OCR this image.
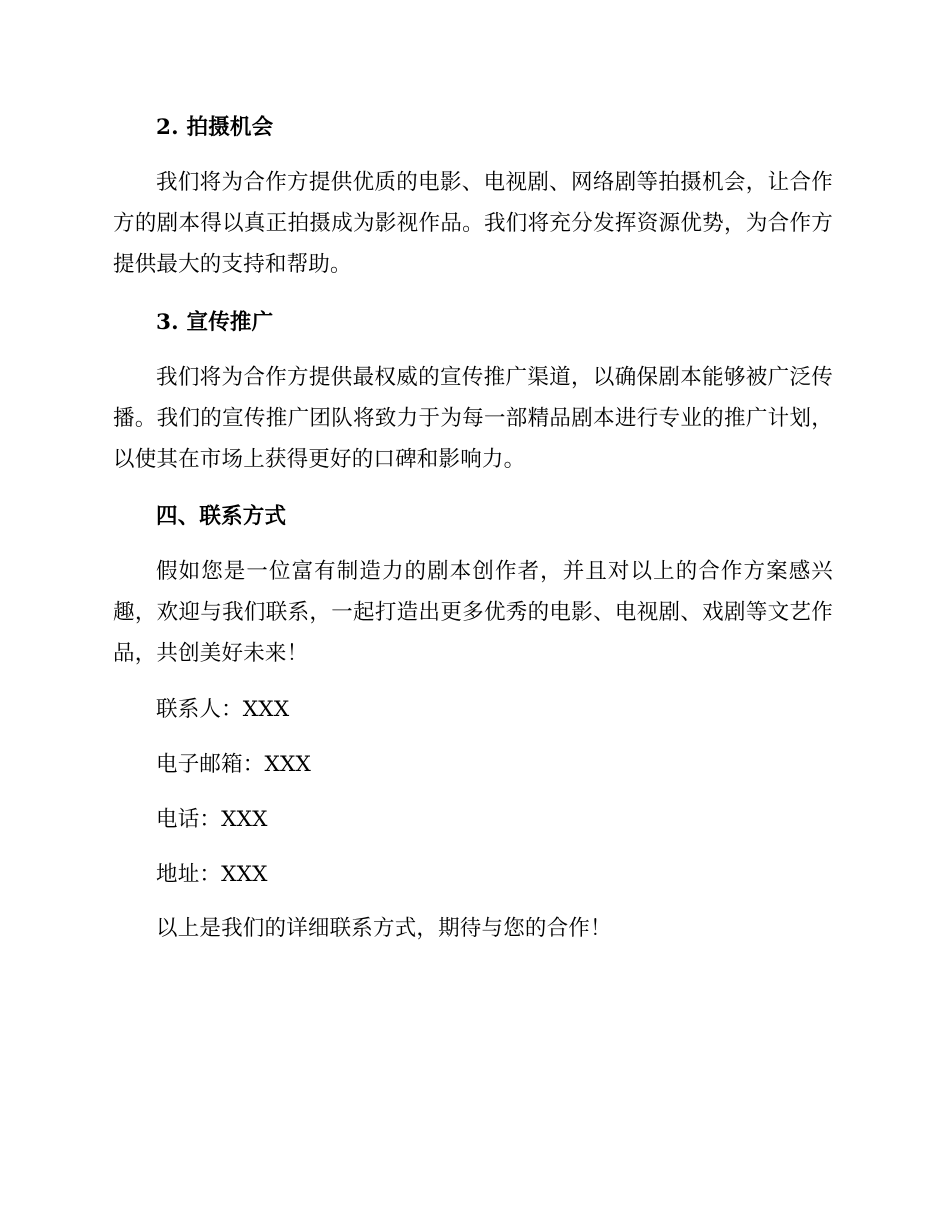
2. 拍摄机会
我们将为合作方提供优质的电影、电视剧、网络剧等拍摄机会，让合作方的剧本得以真正拍摄成为影视作品。我们将充分发挥资源优势，为合作方提供最大的支持和帮助。
3. 宣传推广
我们将为合作方提供最权威的宣传推广渠道，以确保剧本能够被广泛传播。我们的宣传推广团队将致力于为每一部精品剧本进行专业的推广计划，以使其在市场上获得更好的口碑和影响力。
四、联系方式
假如您是一位富有制造力的剧本创作者，并且对以上的合作方案感兴趣，欢迎与我们联系，一起打造出更多优秀的电影、电视剧、戏剧等文艺作品，共创美好未来！
联系人：XXX
电子邮箱：XXX
电话：XXX
地址：XXX
以上是我们的详细联系方式，期待与您的合作！
